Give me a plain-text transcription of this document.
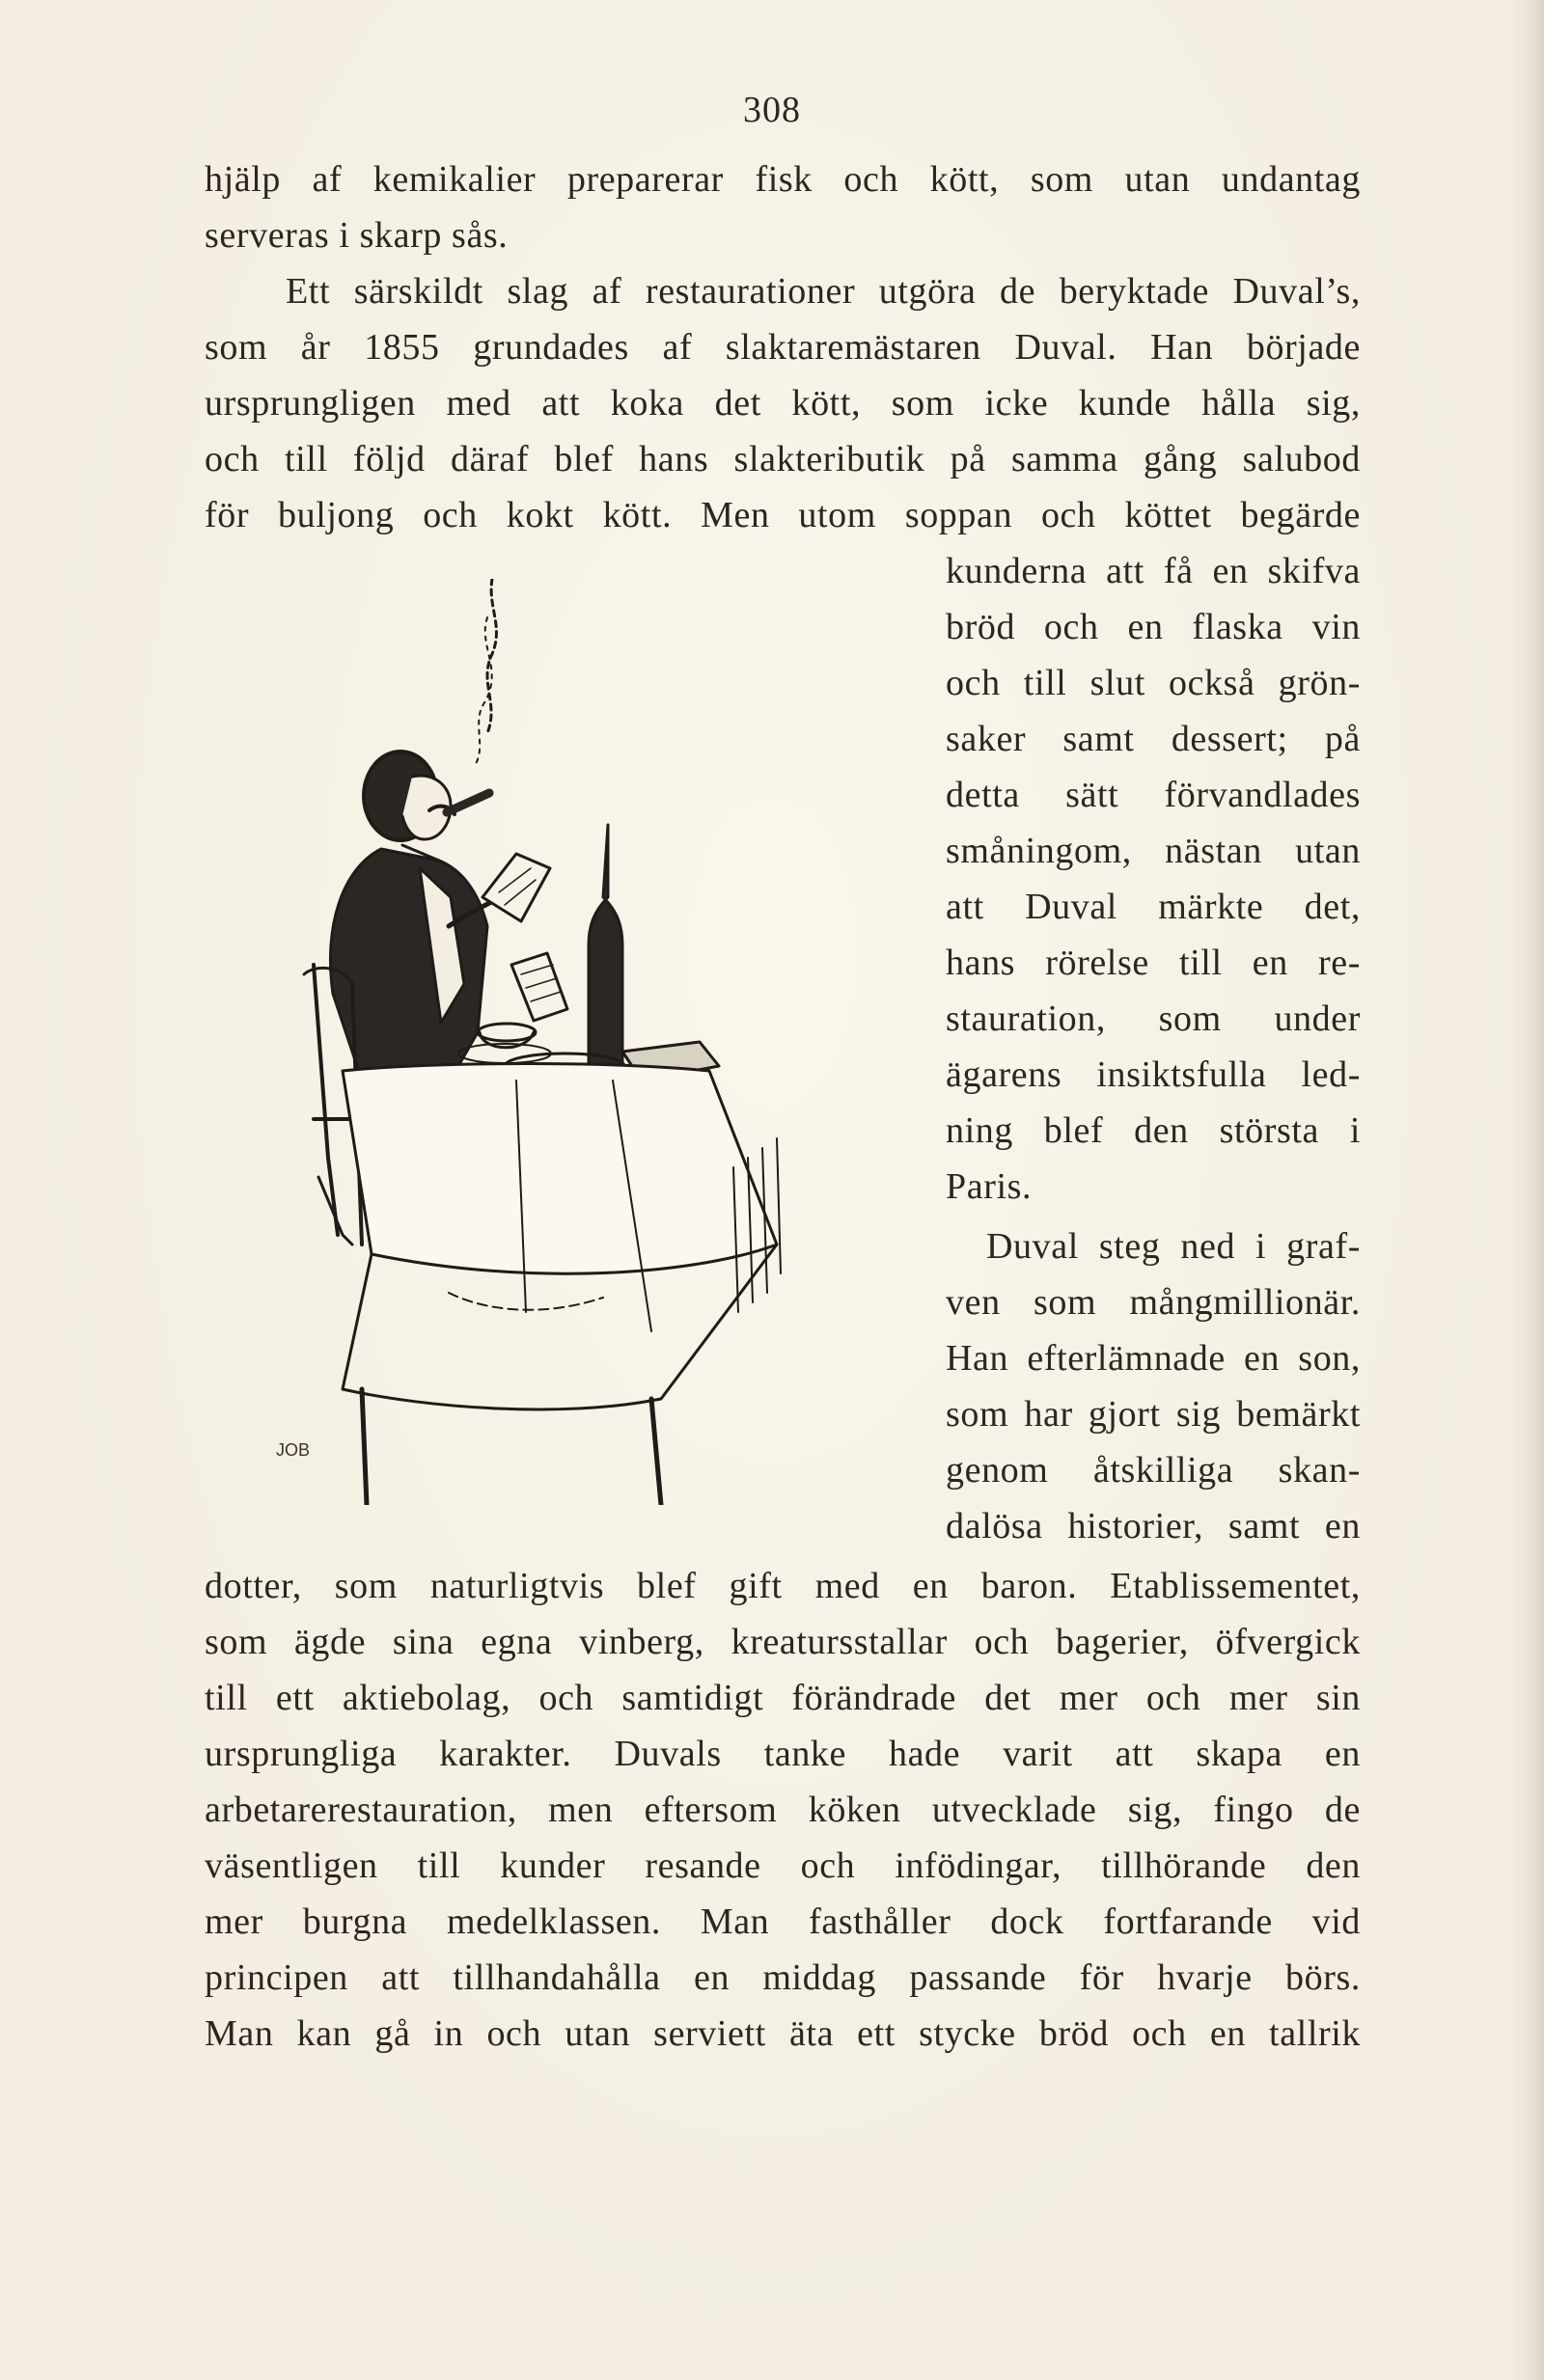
308
hjälp af kemikalier preparerar fisk och kött, som utan undantag
serveras i skarp sås.
Ett särskildt slag af restaurationer utgöra de beryktade Duval’s,
som år 1855 grundades af slaktaremästaren Duval. Han började
ursprungligen med att koka det kött, som icke kunde hålla sig,
och till följd däraf blef hans slakteributik på samma gång salubod
för buljong och kokt kött. Men utom soppan och köttet begärde
kunderna att få en skifva
bröd och en flaska vin
och till slut också grön-
saker samt dessert; på
detta sätt förvandlades
småningom, nästan utan
att Duval märkte det,
hans rörelse till en re-
stauration, som under
ägarens insiktsfulla led-
ning blef den största i
Paris.
Duval steg ned i graf-
ven som mångmillionär.
Han efterlämnade en son,
som har gjort sig bemärkt
genom åtskilliga skan-
dalösa historier, samt en
dotter, som naturligtvis blef gift med en baron. Etablissementet,
som ägde sina egna vinberg, kreatursstallar och bagerier, öfvergick
till ett aktiebolag, och samtidigt förändrade det mer och mer sin
ursprungliga karakter. Duvals tanke hade varit att skapa en
arbetarerestauration, men eftersom köken utvecklade sig, fingo de
väsentligen till kunder resande och infödingar, tillhörande den
mer burgna medelklassen. Man fasthåller dock fortfarande vid
principen att tillhandahålla en middag passande för hvarje börs.
Man kan gå in och utan serviett äta ett stycke bröd och en tallrik
JOB
